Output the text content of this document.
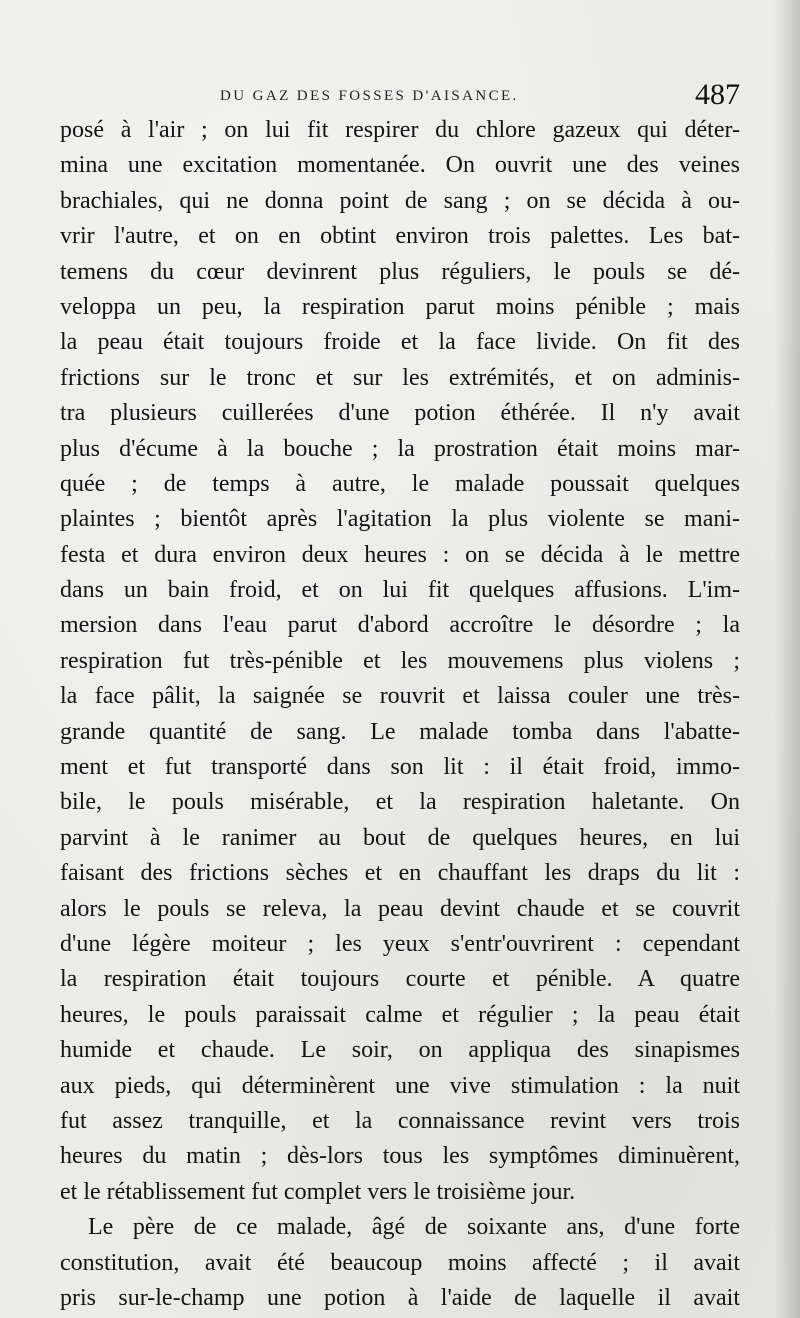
DU GAZ DES FOSSES D'AISANCE.	487
posé à l'air ; on lui fit respirer du chlore gazeux qui déter-
mina une excitation momentanée. On ouvrit une des veines
brachiales, qui ne donna point de sang ; on se décida à ou-
vrir l'autre, et on en obtint environ trois palettes. Les bat-
temens du cœur devinrent plus réguliers, le pouls se dé-
veloppa un peu, la respiration parut moins pénible ; mais
la peau était toujours froide et la face livide. On fit des
frictions sur le tronc et sur les extrémités, et on adminis-
tra plusieurs cuillerées d'une potion éthérée. Il n'y avait
plus d'écume à la bouche ; la prostration était moins mar-
quée ; de temps à autre, le malade poussait quelques
plaintes ; bientôt après l'agitation la plus violente se mani-
festa et dura environ deux heures : on se décida à le mettre
dans un bain froid, et on lui fit quelques affusions. L'im-
mersion dans l'eau parut d'abord accroître le désordre ; la
respiration fut très-pénible et les mouvemens plus violens ;
la face pâlit, la saignée se rouvrit et laissa couler une très-
grande quantité de sang. Le malade tomba dans l'abatte-
ment et fut transporté dans son lit : il était froid, immo-
bile, le pouls misérable, et la respiration haletante. On
parvint à le ranimer au bout de quelques heures, en lui
faisant des frictions sèches et en chauffant les draps du lit :
alors le pouls se releva, la peau devint chaude et se couvrit
d'une légère moiteur ; les yeux s'entr'ouvrirent : cependant
la respiration était toujours courte et pénible. A quatre
heures, le pouls paraissait calme et régulier ; la peau était
humide et chaude. Le soir, on appliqua des sinapismes
aux pieds, qui déterminèrent une vive stimulation : la nuit
fut assez tranquille, et la connaissance revint vers trois
heures du matin ; dès-lors tous les symptômes diminuèrent,
et le rétablissement fut complet vers le troisième jour.
Le père de ce malade, âgé de soixante ans, d'une forte
constitution, avait été beaucoup moins affecté ; il avait
pris sur-le-champ une potion à l'aide de laquelle il avait
